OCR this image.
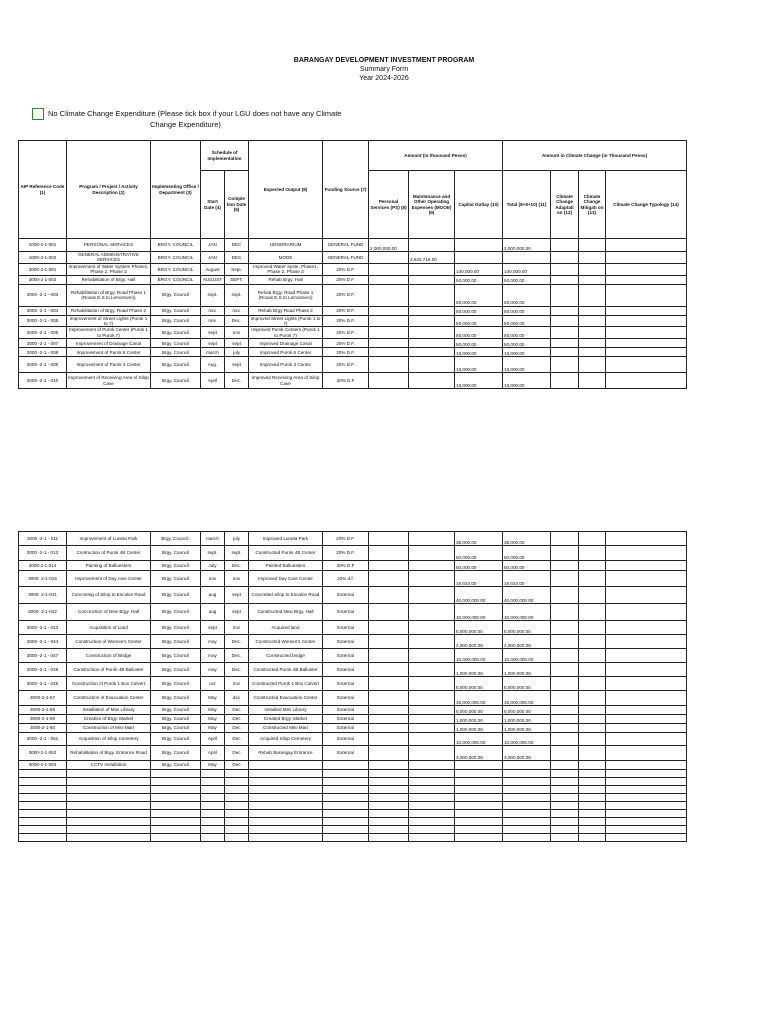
BARANGAY DEVELOPMENT INVESTMENT PROGRAM
Summary Form
Year 2024-2026
No Climate Change Expenditure (Please tick box if your LGU does not have any Climate
Change Expenditure)
AIP Reference Code (1)	Program / Project / Activity Description (2)	Implementing Office / Department (3)	Schedule of Implementation		Expected Output (6)	Funding Source (7)	Amount (in thousand Pesos)			Amount in Climate Change (in Thousand Pesos)			
			Start Date (4)	Comple tion Date (5)			Personal Services (PS) (8)	Maintenance and Other Operating Expenses (MOOE) (9)	Capital Outlay (10)	Total (8+9+10) (11)	Climate Change Adaptati on (12)	Climate Change Mitigati on (13)	Climate Change Typology (14)
1000-2-1-001	PERSONAL SERVICES	BRGY. COUNCIL	JAN	DEC	HONORARIUM	GENERAL FUND	2,000,000.00			2,000,000.00			
1000-2-1-002	GENERAL ADMINISTRATIVE SERVICES	BRGY. COUNCIL	JAN	DEC	MODE	GENERAL FUND		3,625,718.00					
3000-2-1-001	Improvement of Water System Phase1, Phase 2, Phase 3	BRGY. COUNCIL	August	Sept.	Improved Water Syste, Phase1, Phase 2, Phase 3	20% D.F.			140,000.00	140,000.00			
3000-2-1-002	Rehabilitation of Brgy. Hall	BRGY. COUNCIL	AUGUST	SEPT.	Rehab Brgy. Hall	20% D.F.			50,000.00	50,000.00			
3000 -2-1 - 003	Rehabilitation of Brgy. Road Phase 1 (Roxas E.S to Lemosnero)	Brgy. Council	sept.	sept.	Rehab Brgy. Road Phase 1 (Roxas E.S to Lemosnero)	20% D.F.			50,000.00	50,000.00			
3000 -2-1 - 004	Rehabilitation of Brgy. Road Phase 2	Brgy. Council	nov.	nov.	Rehab Brgy Road Phase 2	20% D.F.			50,000.00	50,000.00			
3000 -2-1 - 005	Improvement of Street Lights (Purok 1 to 7)	Brgy. Council	nov.	Dec.	Improved Street Lights (Purok 1 to 7)	20% D.F.			50,000.00	50,000.00			
3000 -2-1 - 006	Improvement of Purok Center (Purok 1 to Purok 7)	Brgy. Council	sept	nov	Improved Purok Centers (Purok 1 to Purok 7)	20% D.F.			50,000.00	50,000.00			
3000 -2-1 - 007	Improvement of Drainage Canal	Brgy. Council	sept	sept	Improved Drainage Canal	20% D.F.			50,000.00	50,000.00			
3000 -2-1 - 008	Improvement of Purok 6 Center	Brgy. Council	march	july	Improved Purok 6 Center	20% D.F.			10,000.00	10,000.00			
3000 -2-1 - 009	Improvement of Purok 3 Center	Brgy. Council	Aug.	sept	Improved Purok 3 Center	20% D.F.			10,000.00	10,000.00			
3000 -2-1 - 010	Improvement of Receiving Area of Silop Cave	Brgy. Council	April	Dec.	Improved Receiving Area of Silop Cave	20% D.F			10,000.00	10,000.00			
3000 -2-1 - 011	Improvement of Luneta Park	Brgy. Council.	march	july	Improved Luneta Park	20% D.F.			35,000.00	35,000.00			
3000 -2-1 - 013	Contruction of Purok 4B Center	Brgy. Council	sept.	sept.	Constructed Purok 4B Center	20% D.F.			50,000.00	50,000.00			
3000-2-1-014	Painting of Balluesters	Brgy. Council	July	Dec.	Painted Balluesters	20% D.F			50,000.00	50,000.00			
3000- 2-1-015	Improvement of Day care Center	Brgy. Council	nov	nov	Improved Day Care Center	20% d.f.			19,644.00	19,644.00			
3000- 2-1-041	Concreting of Silop to Escalon Road	Brgy. Council	aug	sept	Concreted Silop to Escalon Road	External			40,000,000.00	40,000,000.00			
3000- 2-1-042	Concruction of New Brgy. Hall	Brgy. Council	aug	sept	Constructed New Brgy. Hall	External			10,000,000.00	10,000,000.00			
3000 -2-1 - 043	Acquisition of Land	Brgy. Council	sept	nov	Acquired land	External			5,000,000.00	5,000,000.00			
3000 -2-1 - 044	Construction of Women's Center	Brgy. Council	may	Dec.	Constructed Women's Center	External			2,000,000.00	2,000,000.00			
3000 -2-1 - 047	Construction of Bridge	Brgy. Council	may	Dec.	Constructed bridge	External			10,000,000.00	10,000,000.00			
3000 -2-1 - 048	Construction of Purok 4B Balluster	Brgy. Council	may	Dec.	Constructed Purok 4B Balluster	External			1,000,000.00	1,000,000.00			
3000 -2-1 - 049	Construction of Purok 1 Box Culvert	Brgy. Council	oct	nov	Constructed Purok 1 Box Culvert	External			5,000,000.00	5,000,000.00			
3000-2-1-57	Construction of Evacuation Center	Brgy. Council	May	dec	Constructed Evacuation Center	External			15,000,000.00	15,000,000.00			
3000-2-1-58	Installation of Mini Library	Brgy. Council	May	Dec	Installed Mini Library	External			5,000,000.00	5,000,000.00			
3000-2-1-59	Creation of Brgy. Market	Brgy. Council	May	Dec	Created Brgy. Market	External			1,000,000.00	1,000,000.00			
3000-2-1-60	Construction of Mini Mart	Brgy. Council	May	Dec	Constructed Mini Mart	External			1,000,000.00	1,000,000.00			
3000 -2-1 - 061	Acquisition of Silop Cemetery	Brgy. Council	April	Dec	Acquired Silop Cemetery	External			10,000,000.00	10,000,000.00			
3000-2-1-062	Rehabilitation of Brgy. Entrance Road	Brgy. Council	April	Dec	Rehab Barangay Entrance	External			3,000,000.00	3,000,000.00			
3000-2-1-063	CCTV Installation	Brgy. Council	May	Dec									
